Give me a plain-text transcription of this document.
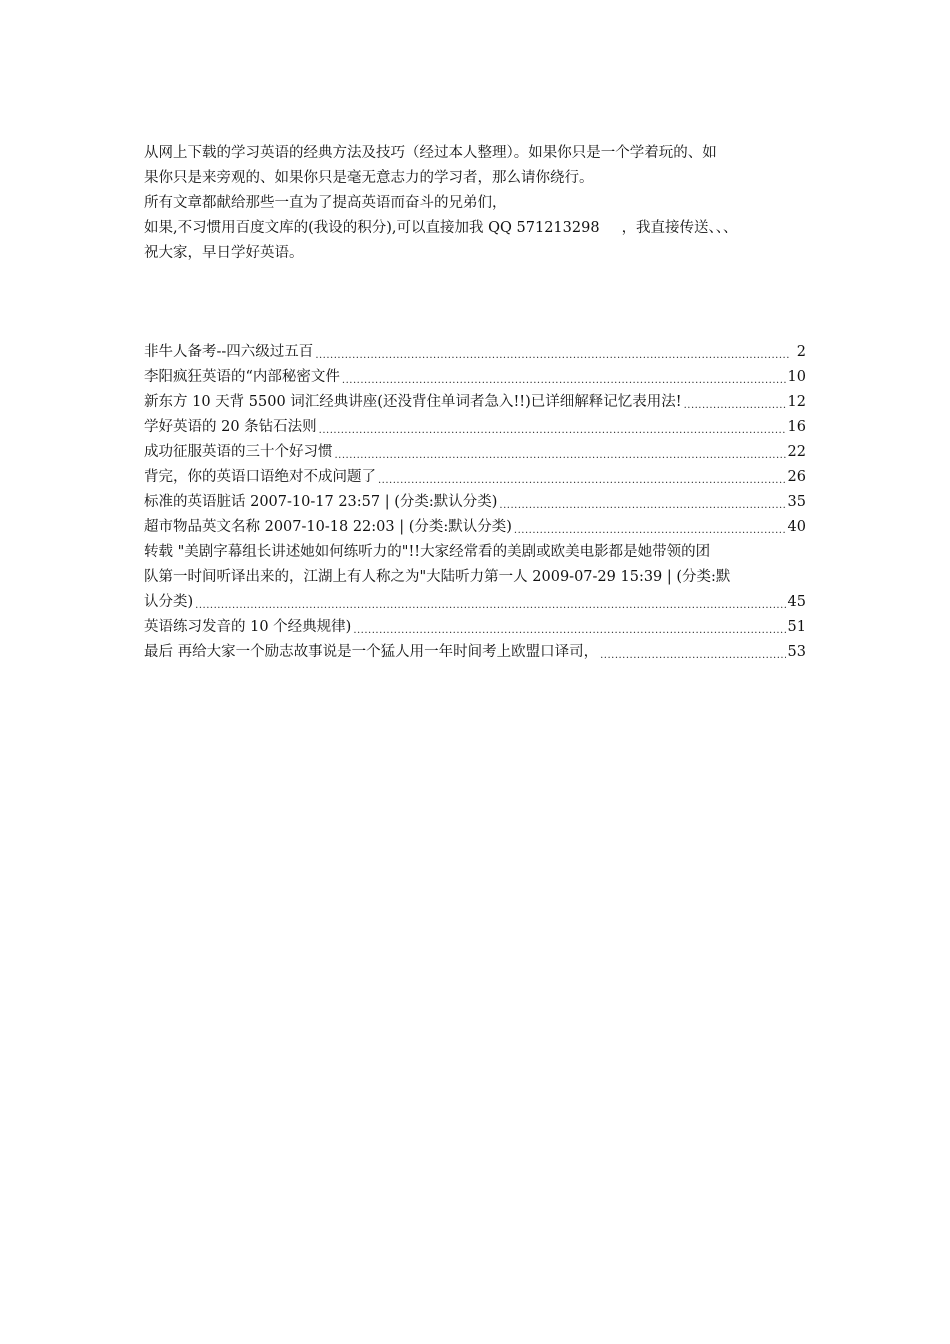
从网上下载的学习英语的经典方法及技巧（经过本人整理）。如果你只是一个学着玩的、如
果你只是来旁观的、如果你只是毫无意志力的学习者，那么请你绕行。
所有文章都献给那些一直为了提高英语而奋斗的兄弟们，
如果,不习惯用百度文库的(我设的积分),可以直接加我 QQ 571213298 ，我直接传送、、、
祝大家，早日学好英语。
非牛人备考--四六级过五百 .....	2
李阳疯狂英语的“内部秘密文件 .....	10
新东方 10 天背 5500 词汇经典讲座(还没背住单词者急入!!)已详细解释记忆表用法! .....	12
学好英语的 20 条钻石法则 .....	16
成功征服英语的三十个好习惯 .....	22
背完，你的英语口语绝对不成问题了 .....	26
标准的英语脏话 2007-10-17 23:57 | (分类:默认分类) .....	35
超市物品英文名称 2007-10-18 22:03 | (分类:默认分类) .....	40
转载 "美剧字幕组长讲述她如何练听力的"!!大家经常看的美剧或欧美电影都是她带领的团
队第一时间听译出来的，江湖上有人称之为"大陆听力第一人 2009-07-29 15:39 | (分类:默
认分类) .....	45
英语练习发音的 10 个经典规律) .....	51
最后 再给大家一个励志故事说是一个猛人用一年时间考上欧盟口译司， .....	53
